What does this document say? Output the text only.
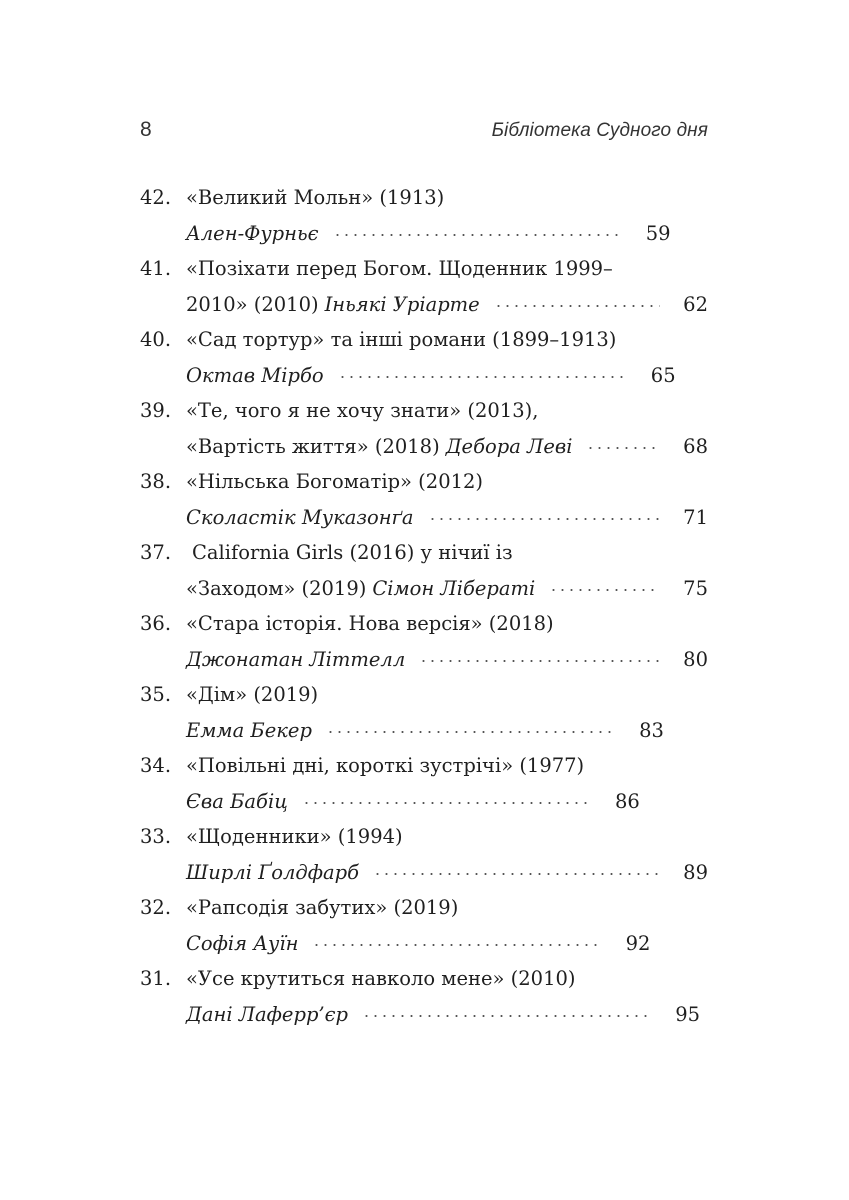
8	Бібліотека Судного дня
42. «Великий Мольн» (1913)
Ален-Фурньє	59
41. «Позіхати перед Богом. Щоденник 1999–
2010» (2010) Іньякі Уріарте	62
40. «Сад тортур» та інші романи (1899–1913)
Октав Мірбо	65
39. «Те, чого я не хочу знати» (2013),
«Вартість життя» (2018) Дебора Леві	68
38. «Нільська Богоматір» (2012)
Сколастік Муказонґа	71
37.	California Girls (2016) у нічиї із
«Заходом» (2019) Сімон Лібераті	75
36. «Стара історія. Нова версія» (2018)
Джонатан Літтелл	80
35. «Дім» (2019)
Емма Бекер	83
34. «Повільні дні, короткі зустрічі» (1977)
Єва Бабіц	86
33. «Щоденники» (1994)
Ширлі Ґолдфарб	89
32. «Рапсодія забутих» (2019)
Софія Ауїн	92
31. «Усе крутиться навколо мене» (2010)
Дані Лаферр’єр	95
